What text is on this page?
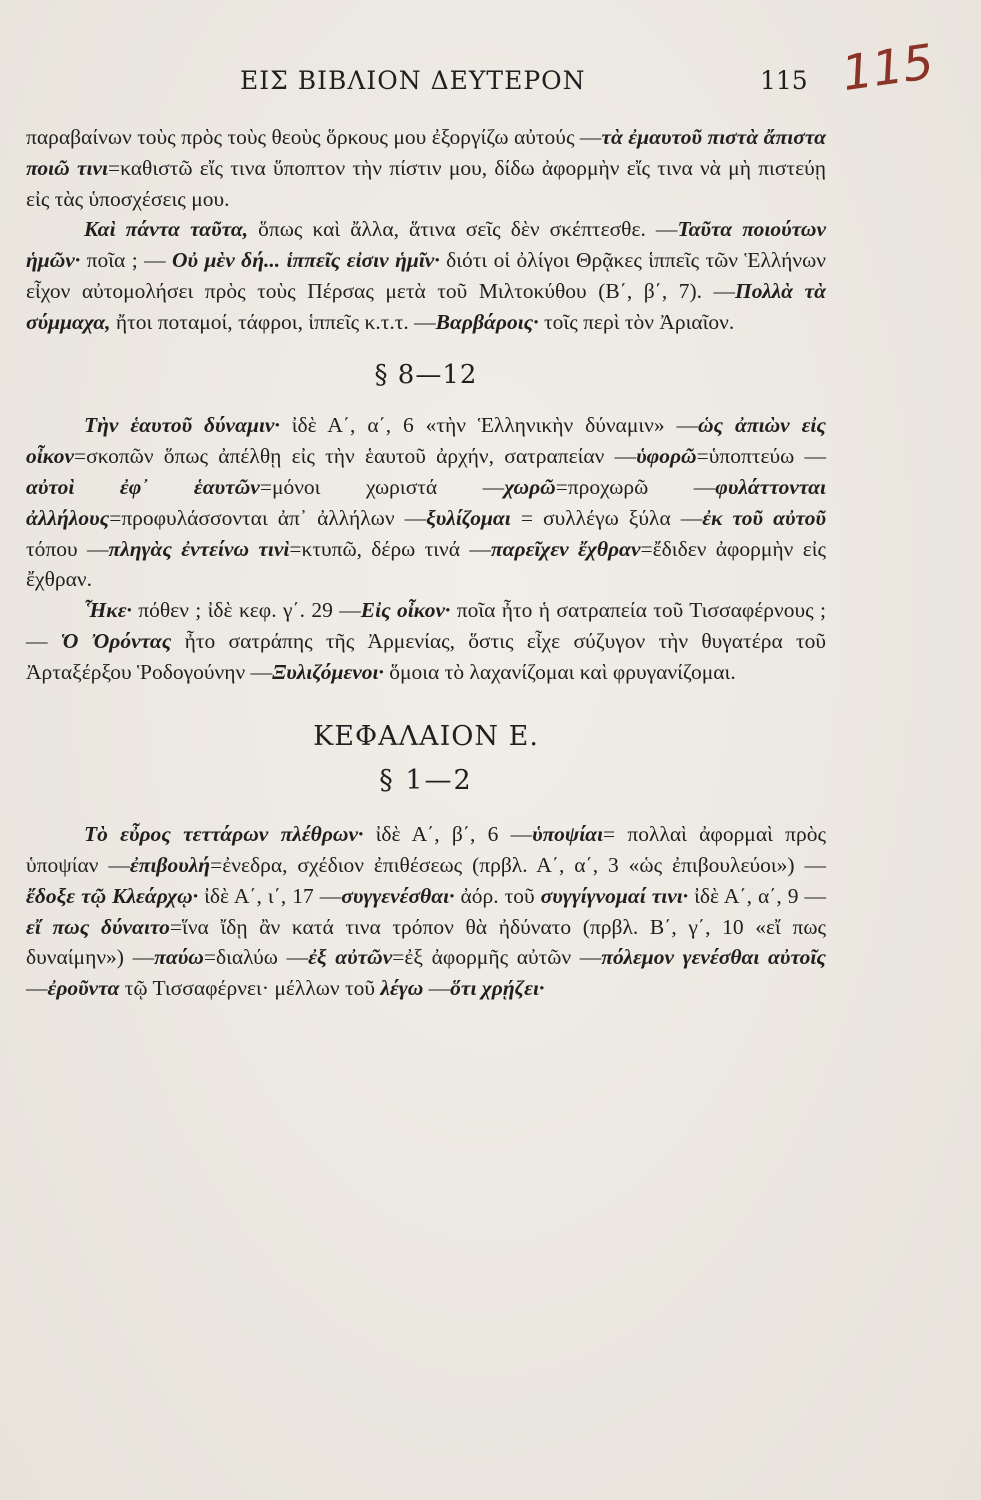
ΕΙΣ ΒΙΒΛΙΟΝ ΔΕΥΤΕΡΟΝ	115 115

παραβαίνων τοὺς πρὸς τοὺς θεοὺς ὅρκους μου ἐξοργίζω αὐτούς —τὰ ἐμαυτοῦ πιστὰ ἄπιστα ποιῶ τινι=καθιστῶ εἴς τινα ὕποπτον τὴν πίστιν μου, δίδω ἀφορμὴν εἴς τινα νὰ μὴ πιστεύῃ εἰς τὰς ὑποσχέσεις μου.

Καὶ πάντα ταῦτα, ὅπως καὶ ἄλλα, ἅτινα σεῖς δὲν σκέπτεσθε. —Ταῦτα ποιούτων ἡμῶν· ποῖα ; — Οὐ μὲν δή... ἱππεῖς εἰσιν ἡμῖν· διότι οἱ ὀλίγοι Θρᾷκες ἱππεῖς τῶν Ἑλλήνων εἶχον αὐτομολήσει πρὸς τοὺς Πέρσας μετὰ τοῦ Μιλτοκύθου (Β΄, β΄, 7). —Πολλὰ τὰ σύμμαχα, ἤτοι ποταμοί, τάφροι, ἱππεῖς κ.τ.τ. —Βαρβάροις· τοῖς περὶ τὸν Ἀριαῖον.

§ 8—12

Τὴν ἑαυτοῦ δύναμιν· ἰδὲ Α΄, α΄, 6 «τὴν Ἑλληνικὴν δύναμιν» —ὡς ἀπιὼν εἰς οἶκον=σκοπῶν ὅπως ἀπέλθῃ εἰς τὴν ἑαυτοῦ ἀρχήν, σατραπείαν —ὑφορῶ=ὑποπτεύω —αὐτοὶ ἐφ᾽ ἑαυτῶν=μόνοι χωριστά —χωρῶ=προχωρῶ —φυλάττονται ἀλλήλους=προφυλάσσονται ἀπ᾽ ἀλλήλων —ξυλίζομαι = συλλέγω ξύλα —ἐκ τοῦ αὐτοῦ τόπου —πληγὰς ἐντείνω τινὶ=κτυπῶ, δέρω τινά —παρεῖχεν ἔχθραν=ἔδιδεν ἀφορμὴν εἰς ἔχθραν.

Ἧκε· πόθεν ; ἰδὲ κεφ. γ΄. 29 —Εἰς οἶκον· ποῖα ἦτο ἡ σατραπεία τοῦ Τισσαφέρνους ; — Ὁ Ὀρόντας ἦτο σατράπης τῆς Ἀρμενίας, ὅστις εἶχε σύζυγον τὴν θυγατέρα τοῦ Ἀρταξέρξου Ῥοδογούνην —Ξυλιζόμενοι· ὅμοια τὸ λαχανίζομαι καὶ φρυγανίζομαι.

ΚΕΦΑΛΑΙΟΝ Ε.
§ 1—2

Τὸ εὖρος τεττάρων πλέθρων· ἰδὲ Α΄, β΄, 6 —ὑποψίαι= πολλαὶ ἀφορμαὶ πρὸς ὑποψίαν —ἐπιβουλή=ἐνεδρα, σχέδιον ἐπιθέσεως (πρβλ. Α΄, α΄, 3 «ὡς ἐπιβουλεύοι») —ἔδοξε τῷ Κλεάρχῳ· ἰδὲ Α΄, ι΄, 17 —συγγενέσθαι· ἀόρ. τοῦ συγγίγνομαί τινι· ἰδὲ Α΄, α΄, 9 —εἴ πως δύναιτο=ἵνα ἴδῃ ἂν κατά τινα τρόπον θὰ ἠδύνατο (πρβλ. Β΄, γ΄, 10 «εἴ πως δυναίμην») —παύω=διαλύω —ἐξ αὐτῶν=ἐξ ἀφορμῆς αὐτῶν —πόλεμον γενέσθαι αὐτοῖς —ἐροῦντα τῷ Τισσαφέρνει· μέλλων τοῦ λέγω —ὅτι χρῄζει·
